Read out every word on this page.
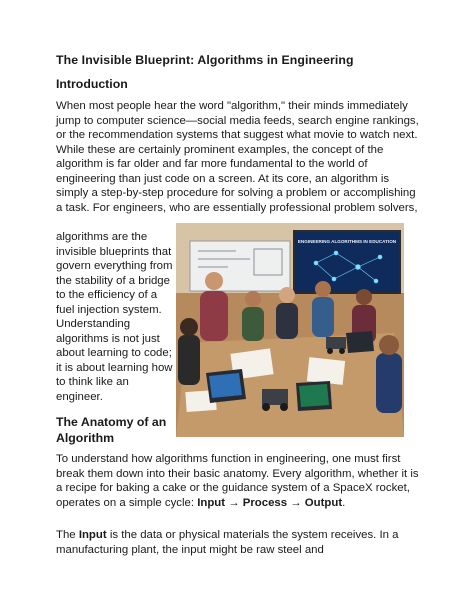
The Invisible Blueprint: Algorithms in Engineering
Introduction

When most people hear the word "algorithm," their minds immediately jump to computer science—social media feeds, search engine rankings, or the recommendation systems that suggest what movie to watch next. While these are certainly prominent examples, the concept of the algorithm is far older and far more fundamental to the world of engineering than just code on a screen. At its core, an algorithm is simply a step-by-step procedure for solving a problem or accomplishing a task. For engineers, who are essentially professional problem solvers,

algorithms are the invisible blueprints that govern everything from the stability of a bridge to the efficiency of a fuel injection system. Understanding algorithms is not just about learning to code; it is about learning how to think like an engineer.

ENGINEERING ALGORITHMS IN EDUCATION
The Anatomy of an Algorithm

To understand how algorithms function in engineering, one must first break them down into their basic anatomy. Every algorithm, whether it is a recipe for baking a cake or the guidance system of a SpaceX rocket, operates on a simple cycle: Input → Process → Output.

The Input is the data or physical materials the system receives. In a manufacturing plant, the input might be raw steel and
